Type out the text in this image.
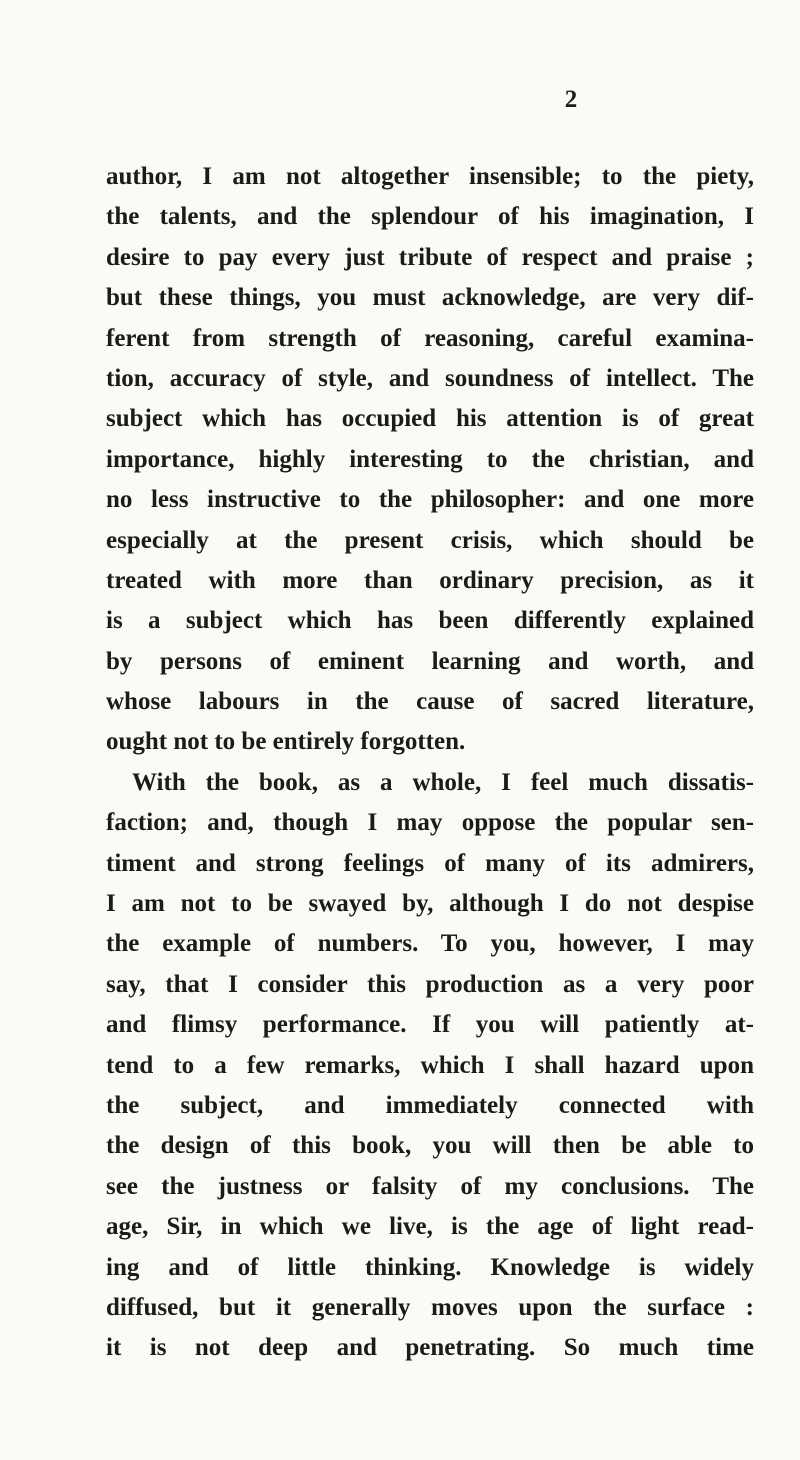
2
author, I am not altogether insensible; to the piety,
the talents, and the splendour of his imagination, I
desire to pay every just tribute of respect and praise ;
but these things, you must acknowledge, are very dif-
ferent from strength of reasoning, careful examina-
tion, accuracy of style, and soundness of intellect. The
subject which has occupied his attention is of great
importance, highly interesting to the christian, and
no less instructive to the philosopher: and one more
especially at the present crisis, which should be
treated with more than ordinary precision, as it
is a subject which has been differently explained
by persons of eminent learning and worth, and
whose labours in the cause of sacred literature,
ought not to be entirely forgotten.
With the book, as a whole, I feel much dissatis-
faction; and, though I may oppose the popular sen-
timent and strong feelings of many of its admirers,
I am not to be swayed by, although I do not despise
the example of numbers. To you, however, I may
say, that I consider this production as a very poor
and flimsy performance. If you will patiently at-
tend to a few remarks, which I shall hazard upon
the subject, and immediately connected with
the design of this book, you will then be able to
see the justness or falsity of my conclusions. The
age, Sir, in which we live, is the age of light read-
ing and of little thinking. Knowledge is widely
diffused, but it generally moves upon the surface :
it is not deep and penetrating. So much time
